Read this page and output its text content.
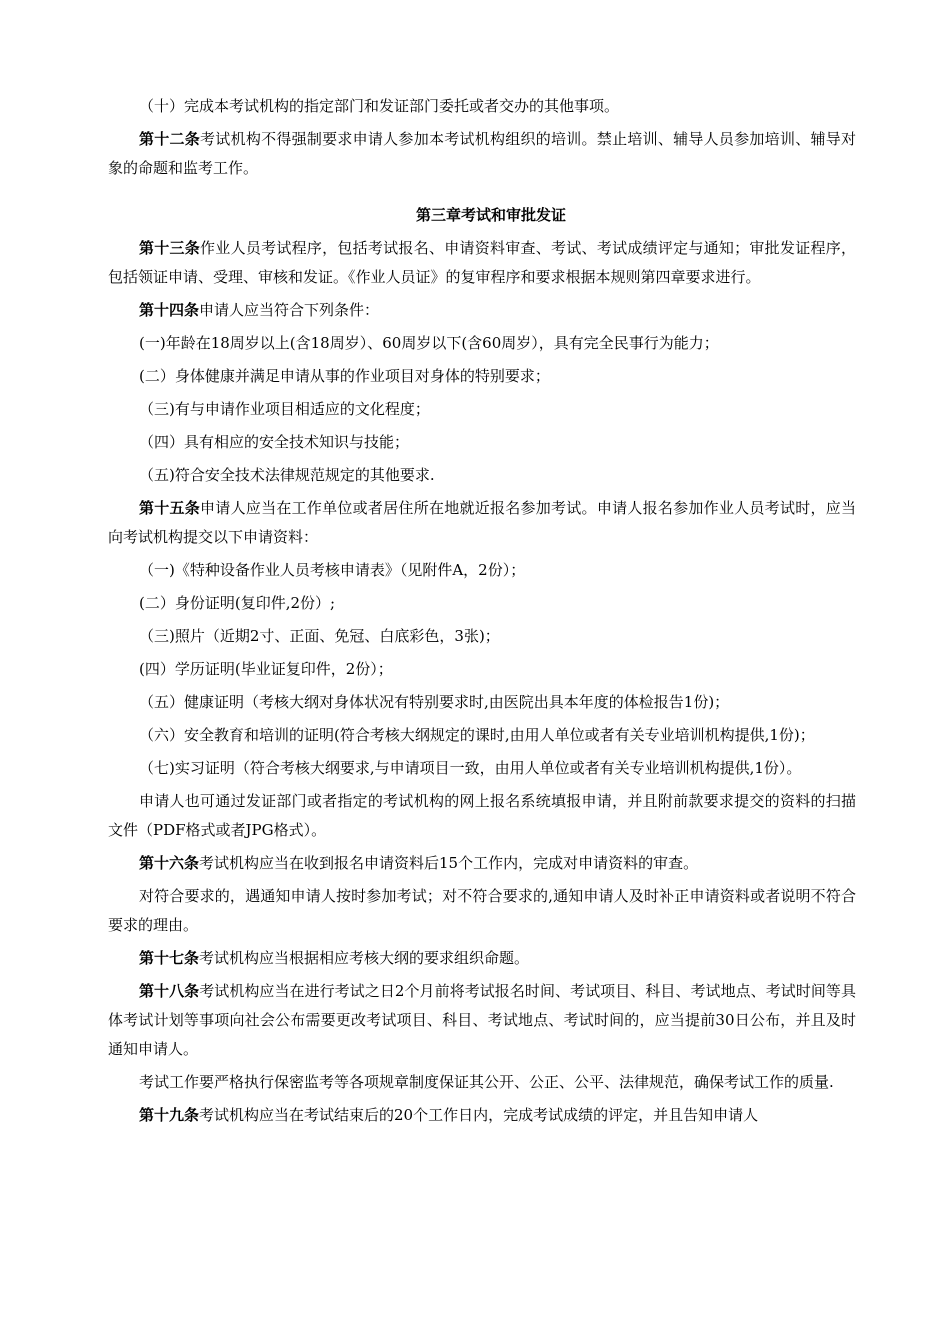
（十）完成本考试机构的指定部门和发证部门委托或者交办的其他事项。

第十二条考试机构不得强制要求申请人参加本考试机构组织的培训。禁止培训、辅导人员参加培训、辅导对象的命题和监考工作。

第三章考试和审批发证

第十三条作业人员考试程序，包括考试报名、申请资料审查、考试、考试成绩评定与通知；审批发证程序，包括领证申请、受理、审核和发证。《作业人员证》的复审程序和要求根据本规则第四章要求进行。

第十四条申请人应当符合下列条件：

(一)年龄在18周岁以上(含18周岁）、60周岁以下(含60周岁），具有完全民事行为能力；

(二）身体健康并满足申请从事的作业项目对身体的特别要求；

（三)有与申请作业项目相适应的文化程度；

（四）具有相应的安全技术知识与技能；

（五)符合安全技术法律规范规定的其他要求.

第十五条申请人应当在工作单位或者居住所在地就近报名参加考试。申请人报名参加作业人员考试时，应当向考试机构提交以下申请资料：

（一)《特种设备作业人员考核申请表》（见附件A，2份）；

(二）身份证明(复印件,2份）;

（三)照片（近期2寸、正面、免冠、白底彩色，3张)；

(四）学历证明(毕业证复印件，2份）；

（五）健康证明（考核大纲对身体状况有特别要求时,由医院出具本年度的体检报告1份)；

（六）安全教育和培训的证明(符合考核大纲规定的课时,由用人单位或者有关专业培训机构提供,1份)；

（七)实习证明（符合考核大纲要求,与申请项目一致，由用人单位或者有关专业培训机构提供,1份）。

申请人也可通过发证部门或者指定的考试机构的网上报名系统填报申请，并且附前款要求提交的资料的扫描文件（PDF格式或者JPG格式）。

第十六条考试机构应当在收到报名申请资料后15个工作内，完成对申请资料的审查。

对符合要求的，遇通知申请人按时参加考试；对不符合要求的,通知申请人及时补正申请资料或者说明不符合要求的理由。

第十七条考试机构应当根据相应考核大纲的要求组织命题。

第十八条考试机构应当在进行考试之日2个月前将考试报名时间、考试项目、科目、考试地点、考试时间等具体考试计划等事项向社会公布需要更改考试项目、科目、考试地点、考试时间的，应当提前30日公布，并且及时通知申请人。

考试工作要严格执行保密监考等各项规章制度保证其公开、公正、公平、法律规范，确保考试工作的质量.

第十九条考试机构应当在考试结束后的20个工作日内，完成考试成绩的评定，并且告知申请人
